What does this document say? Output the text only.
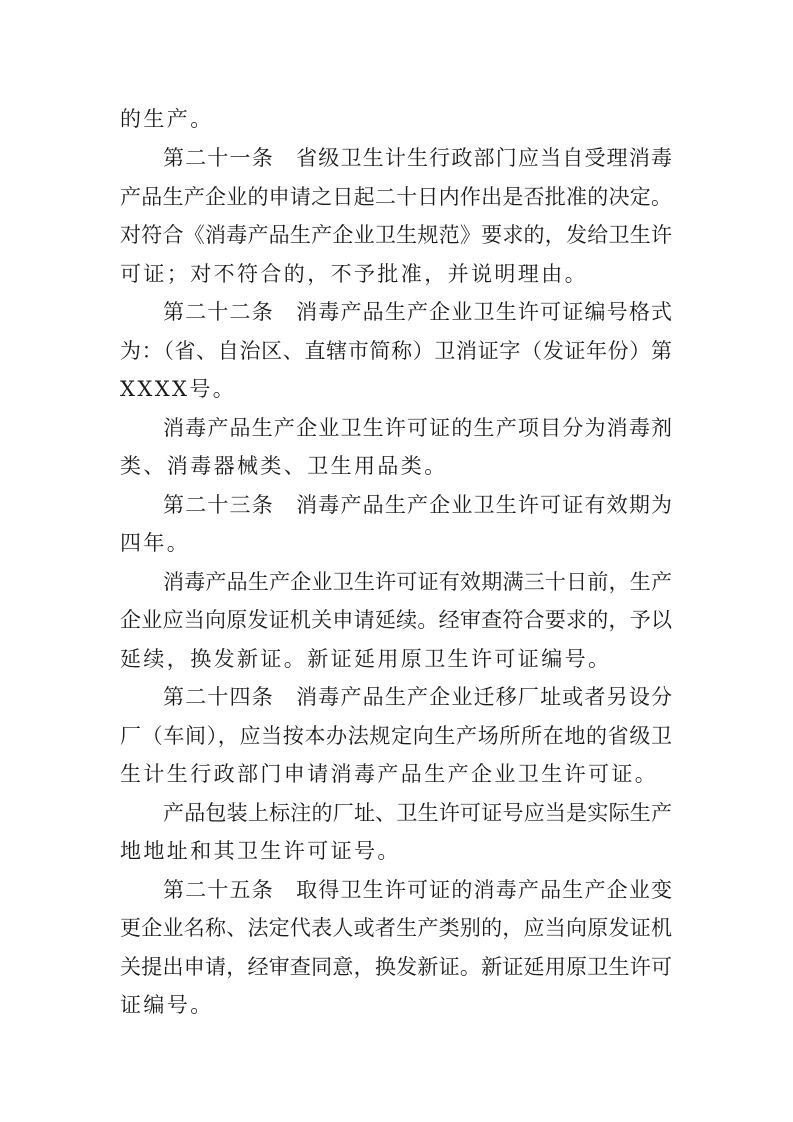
的生产。
第二十一条　省级卫生计生行政部门应当自受理消毒
产品生产企业的申请之日起二十日内作出是否批准的决定。
对符合《消毒产品生产企业卫生规范》要求的，发给卫生许
可证；对不符合的，不予批准，并说明理由。
第二十二条　消毒产品生产企业卫生许可证编号格式
为：（省、自治区、直辖市简称）卫消证字（发证年份）第
XXXX号。
消毒产品生产企业卫生许可证的生产项目分为消毒剂
类、消毒器械类、卫生用品类。
第二十三条　消毒产品生产企业卫生许可证有效期为
四年。
消毒产品生产企业卫生许可证有效期满三十日前，生产
企业应当向原发证机关申请延续。经审查符合要求的，予以
延续，换发新证。新证延用原卫生许可证编号。
第二十四条　消毒产品生产企业迁移厂址或者另设分
厂（车间），应当按本办法规定向生产场所所在地的省级卫
生计生行政部门申请消毒产品生产企业卫生许可证。
产品包装上标注的厂址、卫生许可证号应当是实际生产
地地址和其卫生许可证号。
第二十五条　取得卫生许可证的消毒产品生产企业变
更企业名称、法定代表人或者生产类别的，应当向原发证机
关提出申请，经审查同意，换发新证。新证延用原卫生许可
证编号。
